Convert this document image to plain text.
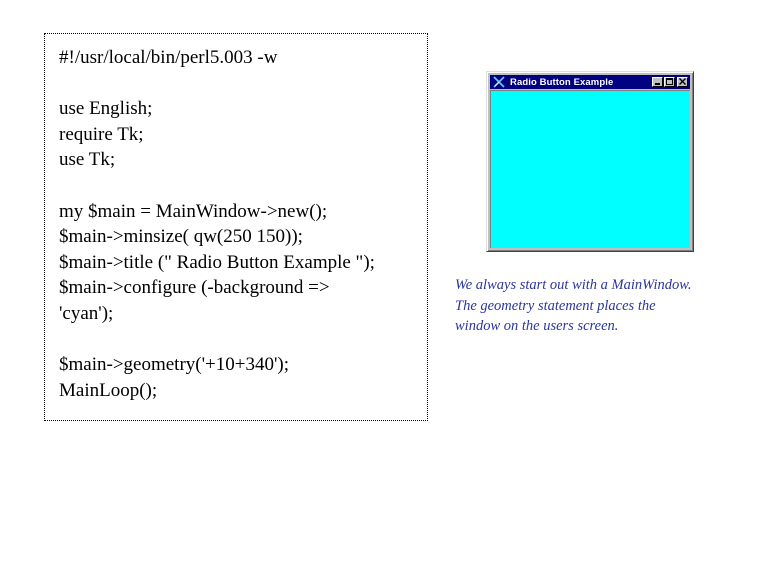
#!/usr/local/bin/perl5.003 -w
use English;
require Tk;
use Tk;
my $main = MainWindow->new();
$main->minsize( qw(250 150));
$main->title (" Radio Button Example ");
$main->configure (-background =>
'cyan');
$main->geometry('+10+340');
MainLoop();
Radio Button Example
We always start out with a MainWindow. The geometry statement places the window on the users screen.
